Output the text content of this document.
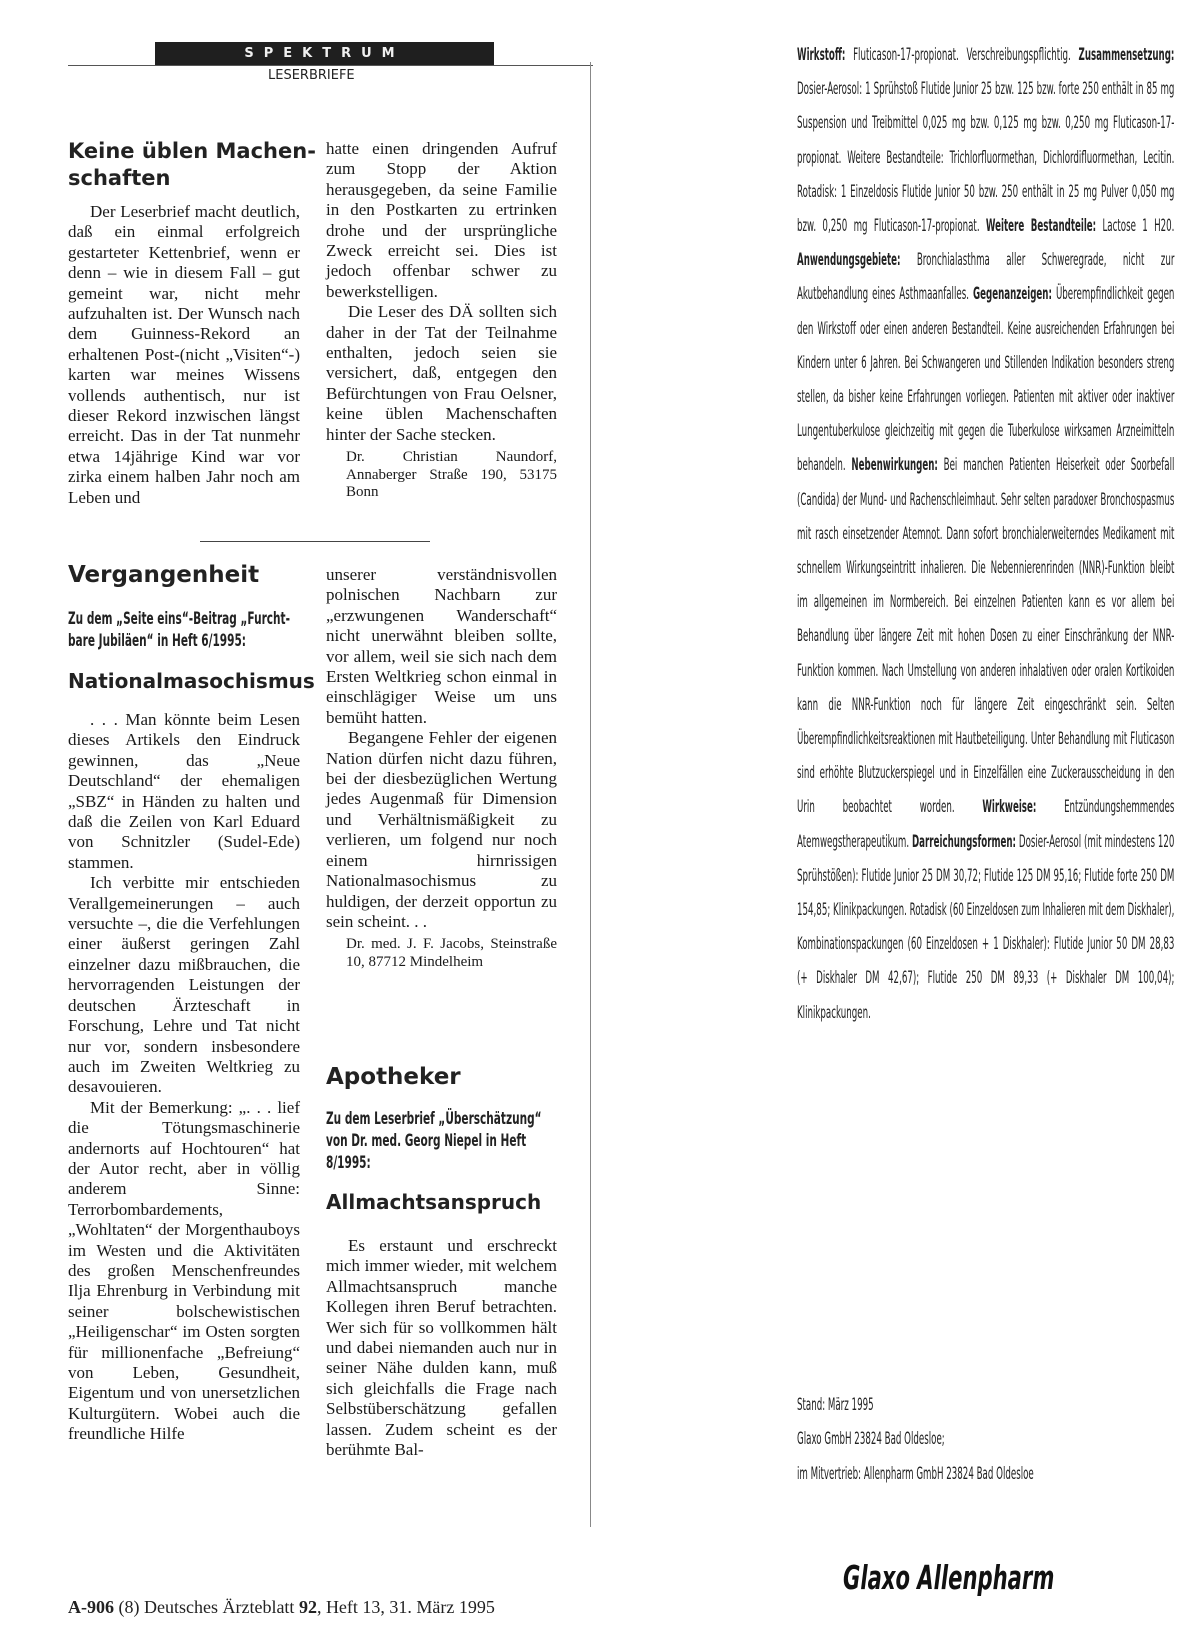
SPEKTRUM
LESERBRIEFE
Keine üblen Machen-
schaften

Der Leserbrief macht deutlich, daß ein einmal erfolgreich gestarteter Kettenbrief, wenn er denn – wie in diesem Fall – gut gemeint war, nicht mehr aufzuhalten ist. Der Wunsch nach dem Guinness-Rekord an erhaltenen Post-(nicht „Visiten“-) karten war meines Wissens vollends authentisch, nur ist dieser Rekord inzwischen längst erreicht. Das in der Tat nunmehr etwa 14jährige Kind war vor zirka einem halben Jahr noch am Leben und

hatte einen dringenden Aufruf zum Stopp der Aktion herausgegeben, da seine Familie in den Postkarten zu ertrinken drohe und der ursprüngliche Zweck erreicht sei. Dies ist jedoch offenbar schwer zu bewerkstelligen.

Die Leser des DÄ sollten sich daher in der Tat der Teilnahme enthalten, jedoch seien sie versichert, daß, entgegen den Befürchtungen von Frau Oelsner, keine üblen Machenschaften hinter der Sache stecken.

Dr. Christian Naundorf, Annaberger Straße 190, 53175 Bonn

Vergangenheit
Zu dem „Seite eins“-Beitrag „Furcht-
bare Jubiläen“ in Heft 6/1995:
Nationalmasochismus

. . . Man könnte beim Lesen dieses Artikels den Eindruck gewinnen, das „Neue Deutschland“ der ehemaligen „SBZ“ in Händen zu halten und daß die Zeilen von Karl Eduard von Schnitzler (Sudel-Ede) stammen.

Ich verbitte mir entschieden Verallgemeinerungen – auch versuchte –, die die Verfehlungen einer äußerst geringen Zahl einzelner dazu mißbrauchen, die hervorragenden Leistungen der deutschen Ärzteschaft in Forschung, Lehre und Tat nicht nur vor, sondern insbesondere auch im Zweiten Weltkrieg zu desavouieren.

Mit der Bemerkung: „. . . lief die Tötungsmaschinerie andernorts auf Hochtouren“ hat der Autor recht, aber in völlig anderem Sinne: Terrorbombardements, „Wohltaten“ der Morgenthauboys im Westen und die Aktivitäten des großen Menschenfreundes Ilja Ehrenburg in Verbindung mit seiner bolschewistischen „Heiligenschar“ im Osten sorgten für millionenfache „Befreiung“ von Leben, Gesundheit, Eigentum und von unersetzlichen Kulturgütern. Wobei auch die freundliche Hilfe

unserer verständnisvollen polnischen Nachbarn zur „erzwungenen Wanderschaft“ nicht unerwähnt bleiben sollte, vor allem, weil sie sich nach dem Ersten Weltkrieg schon einmal in einschlägiger Weise um uns bemüht hatten.

Begangene Fehler der eigenen Nation dürfen nicht dazu führen, bei der diesbezüglichen Wertung jedes Augenmaß für Dimension und Verhältnismäßigkeit zu verlieren, um folgend nur noch einem hirnrissigen Nationalmasochismus zu huldigen, der derzeit opportun zu sein scheint. . .

Dr. med. J. F. Jacobs, Steinstraße 10, 87712 Mindelheim

Apotheker
Zu dem Leserbrief „Überschätzung“
von Dr. med. Georg Niepel in Heft
8/1995:
Allmachtsanspruch

Es erstaunt und erschreckt mich immer wieder, mit welchem Allmachtsanspruch manche Kollegen ihren Beruf betrachten. Wer sich für so vollkommen hält und dabei niemanden auch nur in seiner Nähe dulden kann, muß sich gleichfalls die Frage nach Selbstüberschätzung gefallen lassen. Zudem scheint es der berühmte Bal-

Wirkstoff: Fluticason-17-propionat. Verschreibungspflichtig. Zusammensetzung: Dosier-Aerosol: 1 Sprühstoß Flutide Junior 25 bzw. 125 bzw. forte 250 enthält in 85 mg Suspension und Treibmittel 0,025 mg bzw. 0,125 mg bzw. 0,250 mg Fluticason-17-propionat. Weitere Bestandteile: Trichlorfluormethan, Dichlordifluormethan, Lecitin. Rotadisk: 1 Einzeldosis Flutide Junior 50 bzw. 250 enthält in 25 mg Pulver 0,050 mg bzw. 0,250 mg Fluticason-17-propionat. Weitere Bestandteile: Lactose 1 H20. Anwendungsgebiete: Bronchialasthma aller Schweregrade, nicht zur Akutbehandlung eines Asthmaanfalles. Gegenanzeigen: Überempfindlichkeit gegen den Wirkstoff oder einen anderen Bestandteil. Keine ausreichenden Erfahrungen bei Kindern unter 6 Jahren. Bei Schwangeren und Stillenden Indikation besonders streng stellen, da bisher keine Erfahrungen vorliegen. Patienten mit aktiver oder inaktiver Lungentuberkulose gleichzeitig mit gegen die Tuberkulose wirksamen Arzneimitteln behandeln. Nebenwirkungen: Bei manchen Patienten Heiserkeit oder Soorbefall (Candida) der Mund- und Rachenschleimhaut. Sehr selten paradoxer Bronchospasmus mit rasch einsetzender Atemnot. Dann sofort bronchialerweiterndes Medikament mit schnellem Wirkungseintritt inhalieren. Die Nebennierenrinden (NNR)-Funktion bleibt im allgemeinen im Normbereich. Bei einzelnen Patienten kann es vor allem bei Behandlung über längere Zeit mit hohen Dosen zu einer Einschränkung der NNR-Funktion kommen. Nach Umstellung von anderen inhalativen oder oralen Kortikoiden kann die NNR-Funktion noch für längere Zeit eingeschränkt sein. Selten Überempfindlichkeitsreaktionen mit Hautbeteiligung. Unter Behandlung mit Fluticason sind erhöhte Blutzuckerspiegel und in Einzelfällen eine Zuckerausscheidung in den Urin beobachtet worden. Wirkweise: Entzündungshemmendes Atemwegstherapeutikum. Darreichungsformen: Dosier-Aerosol (mit mindestens 120 Sprühstößen): Flutide Junior 25 DM 30,72; Flutide 125 DM 95,16; Flutide forte 250 DM 154,85; Klinikpackungen. Rotadisk (60 Einzeldosen zum Inhalieren mit dem Diskhaler), Kombinationspackungen (60 Einzeldosen + 1 Diskhaler): Flutide Junior 50 DM 28,83 (+ Diskhaler DM 42,67); Flutide 250 DM 89,33 (+ Diskhaler DM 100,04); Klinikpackungen.
Stand: März 1995
Glaxo GmbH 23824 Bad Oldesloe;
im Mitvertrieb: Allenpharm GmbH 23824 Bad Oldesloe
Glaxo Allenpharm
A-906 (8) Deutsches Ärzteblatt 92, Heft 13, 31. März 1995
